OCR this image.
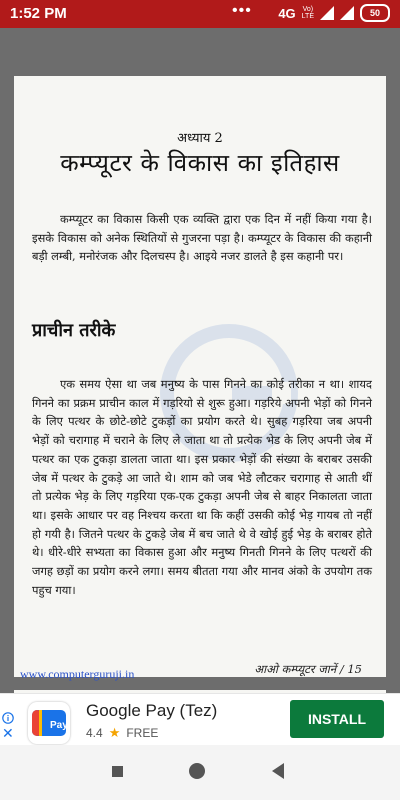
1:52 PM	••• 4G Vo)
LTE	50
अध्याय 2
कम्प्यूटर के विकास का इतिहास
कम्प्यूटर का विकास किसी एक व्यक्ति द्वारा एक दिन में नहीं किया गया है। इसके विकास को अनेक स्थितियों से गुजरना पड़ा है। कम्प्यूटर के विकास की कहानी बड़ी लम्बी, मनोरंजक और दिलचस्प है। आइये नजर डालते है इस कहानी पर।
प्राचीन तरीके
एक समय ऐसा था जब मनुष्य के पास गिनने का कोई तरीका न था। शायद गिनने का प्रक्रम प्राचीन काल में गड़रियो से शुरू हुआ। गड़रिये अपनी भेड़ों को गिनने के लिए पत्थर के छोटे-छोटे टुकड़ों का प्रयोग करते थे। सुबह गड़रिया जब अपनी भेड़ों को चरागाह में चराने के लिए ले जाता था तो प्रत्येक भेड के लिए अपनी जेब में पत्थर का एक टुकड़ा डालता जाता था। इस प्रकार भेड़ों की संख्या के बराबर उसकी जेब में पत्थर के टुकड़े आ जाते थे। शाम को जब भेडे लौटकर चरागाह से आती थीं तो प्रत्येक भेड़ के लिए गड़रिया एक-एक टुकड़ा अपनी जेब से बाहर निकालता जाता था। इसके आधार पर वह निश्चय करता था कि कहीं उसकी कोई भेड़ गायब तो नहीं हो गयी है। जितने पत्थर के टुकड़े जेब में बच जाते थे वे खोई हुई भेड़ के बराबर होते थे। धीरे-धीरे सभ्यता का विकास हुआ और मनुष्य गिनती गिनने के लिए पत्थरों की जगह छड़ों का प्रयोग करने लगा। समय बीतता गया और मानव अंको के उपयोग तक पहुच गया।
आओ कम्प्यूटर जानें / 15
www.computerguruji.in
✕
Pay
Google Pay (Tez)
4.4 ★ FREE
INSTALL
